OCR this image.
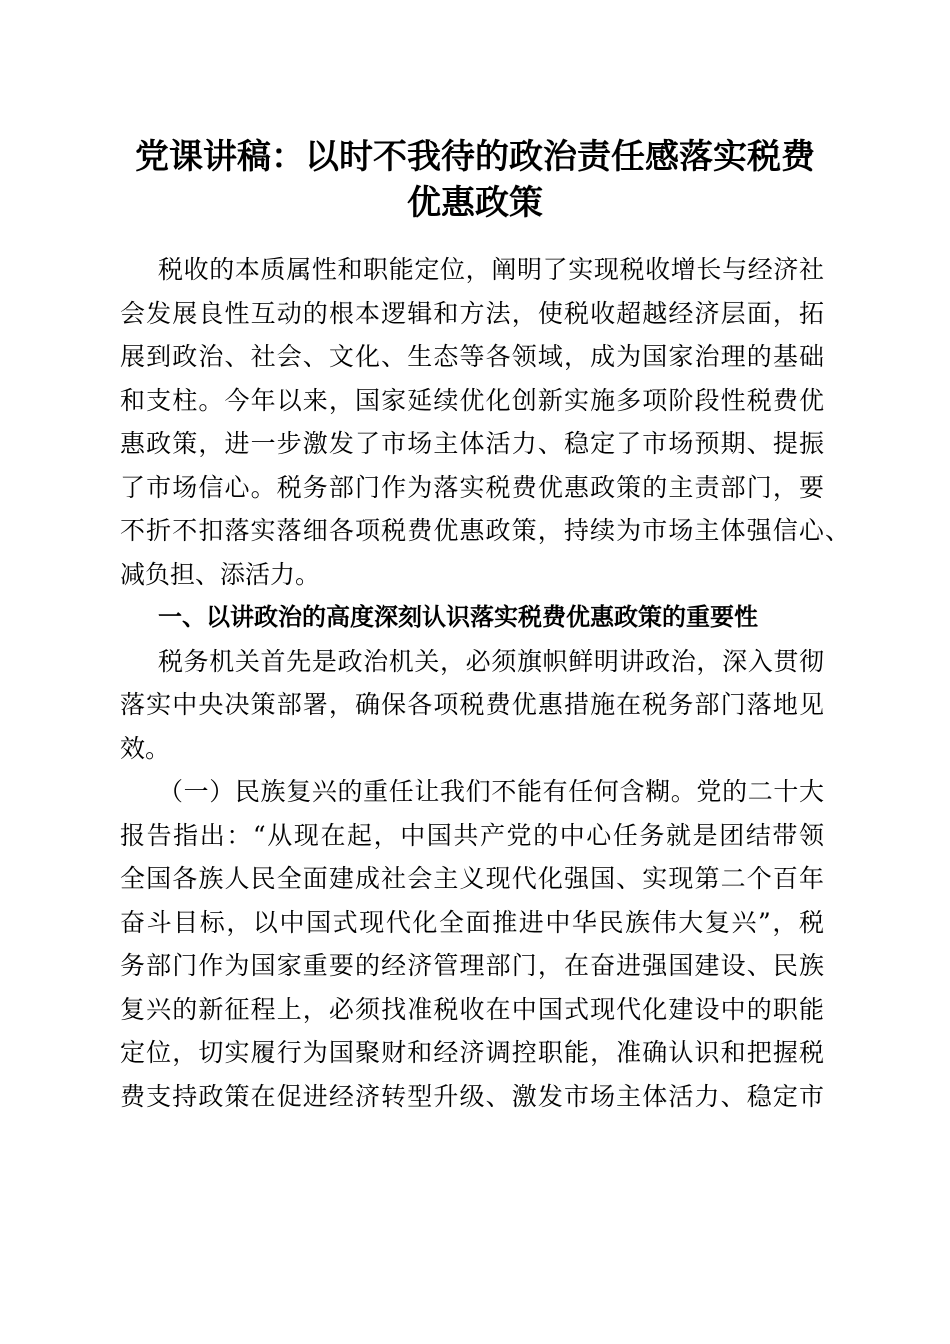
党课讲稿：以时不我待的政治责任感落实税费
优惠政策
税收的本质属性和职能定位，阐明了实现税收增长与经济社
会发展良性互动的根本逻辑和方法，使税收超越经济层面，拓
展到政治、社会、文化、生态等各领域，成为国家治理的基础
和支柱。今年以来，国家延续优化创新实施多项阶段性税费优
惠政策，进一步激发了市场主体活力、稳定了市场预期、提振
了市场信心。税务部门作为落实税费优惠政策的主责部门，要
不折不扣落实落细各项税费优惠政策，持续为市场主体强信心、
减负担、添活力。
一、以讲政治的高度深刻认识落实税费优惠政策的重要性
税务机关首先是政治机关，必须旗帜鲜明讲政治，深入贯彻
落实中央决策部署，确保各项税费优惠措施在税务部门落地见
效。
（一）民族复兴的重任让我们不能有任何含糊。党的二十大
报告指出：“从现在起，中国共产党的中心任务就是团结带领
全国各族人民全面建成社会主义现代化强国、实现第二个百年
奋斗目标，以中国式现代化全面推进中华民族伟大复兴”，税
务部门作为国家重要的经济管理部门，在奋进强国建设、民族
复兴的新征程上，必须找准税收在中国式现代化建设中的职能
定位，切实履行为国聚财和经济调控职能，准确认识和把握税
费支持政策在促进经济转型升级、激发市场主体活力、稳定市
